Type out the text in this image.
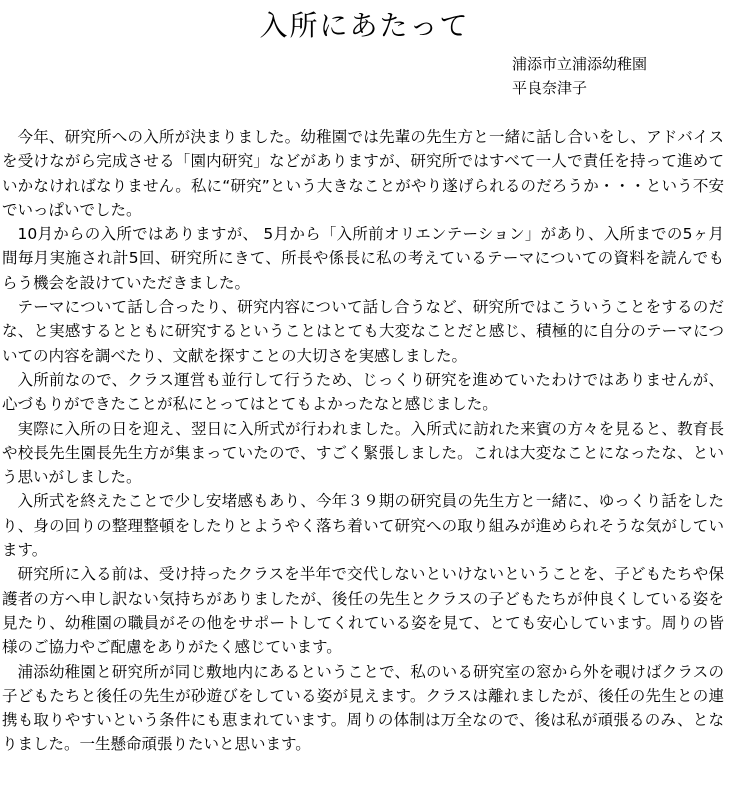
入所にあたって
浦添市立浦添幼稚園
平良奈津子

今年、研究所への入所が決まりました。幼稚園では先輩の先生方と一緒に話し合いをし、アドバイスを受けながら完成させる「園内研究」などがありますが、研究所ではすべて一人で責任を持って進めていかなければなりません。私に“研究”という大きなことがやり遂げられるのだろうか・・・という不安でいっぱいでした。

10月からの入所ではありますが、 5月から「入所前オリエンテーション」があり、入所までの5ヶ月間毎月実施され計5回、研究所にきて、所長や係長に私の考えているテーマについての資料を読んでもらう機会を設けていただきました。

テーマについて話し合ったり、研究内容について話し合うなど、研究所ではこういうことをするのだな、と実感するとともに研究するということはとても大変なことだと感じ、積極的に自分のテーマについての内容を調べたり、文献を探すことの大切さを実感しました。

入所前なので、クラス運営も並行して行うため、じっくり研究を進めていたわけではありませんが、心づもりができたことが私にとってはとてもよかったなと感じました。

実際に入所の日を迎え、翌日に入所式が行われました。入所式に訪れた来賓の方々を見ると、教育長や校長先生園長先生方が集まっていたので、すごく緊張しました。これは大変なことになったな、という思いがしました。

入所式を終えたことで少し安堵感もあり、今年３９期の研究員の先生方と一緒に、ゆっくり話をしたり、身の回りの整理整頓をしたりとようやく落ち着いて研究への取り組みが進められそうな気がしています。

研究所に入る前は、受け持ったクラスを半年で交代しないといけないということを、子どもたちや保護者の方へ申し訳ない気持ちがありましたが、後任の先生とクラスの子どもたちが仲良くしている姿を見たり、幼稚園の職員がその他をサポートしてくれている姿を見て、とても安心しています。周りの皆様のご協力やご配慮をありがたく感じています。

浦添幼稚園と研究所が同じ敷地内にあるということで、私のいる研究室の窓から外を覗けばクラスの子どもたちと後任の先生が砂遊びをしている姿が見えます。クラスは離れましたが、後任の先生との連携も取りやすいという条件にも恵まれています。周りの体制は万全なので、後は私が頑張るのみ、となりました。一生懸命頑張りたいと思います。
